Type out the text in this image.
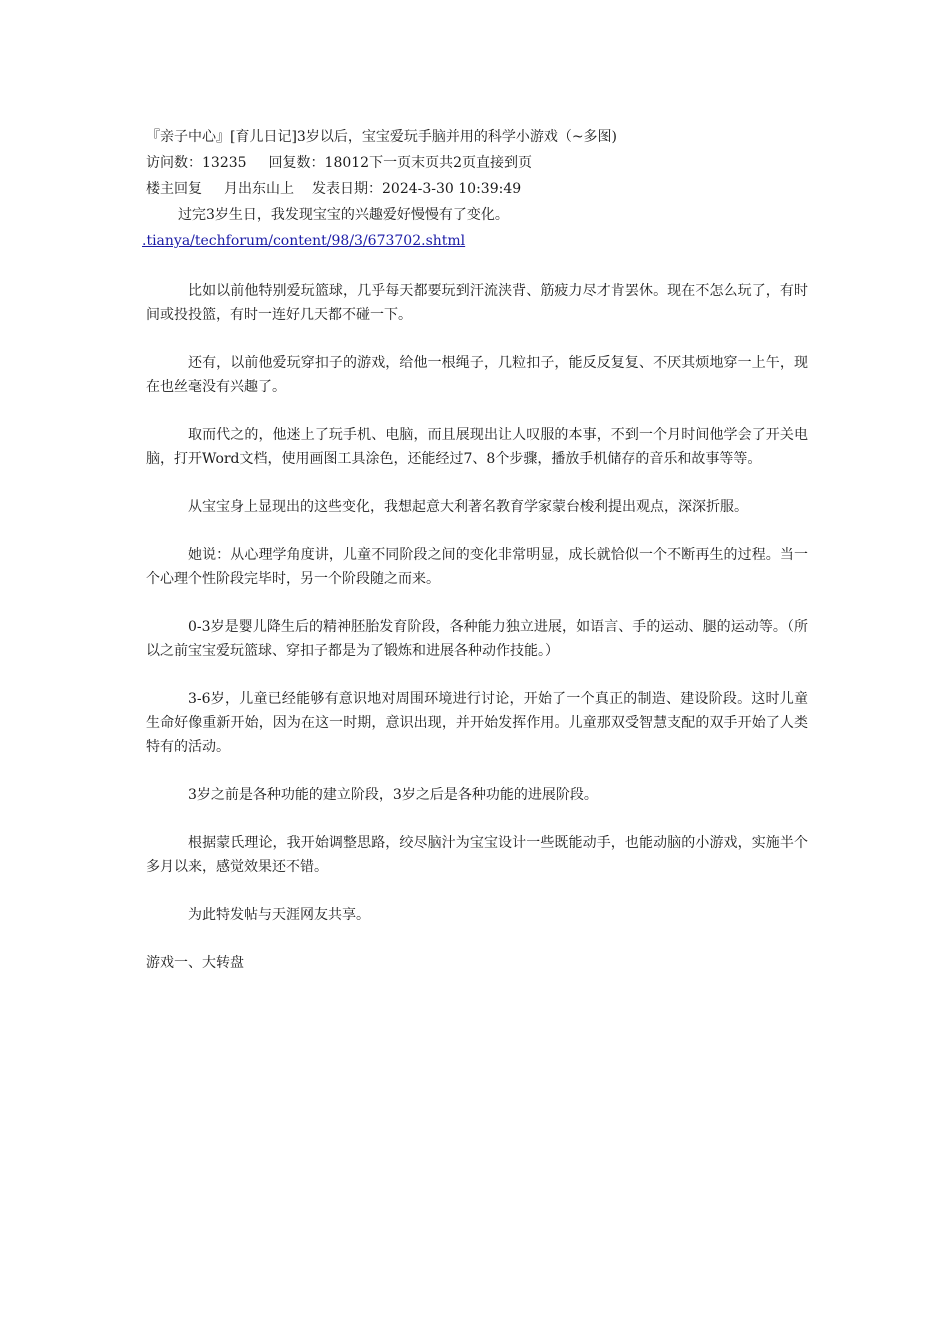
『亲子中心』[育儿日记]3岁以后，宝宝爱玩手脑并用的科学小游戏（~多图)
访问数：13235 回复数：18012下一页末页共2页直接到页
楼主回复 月出东山上 发表日期：2024-3-30 10:39:49
过完3岁生日，我发现宝宝的兴趣爱好慢慢有了变化。
.tianya/techforum/content/98/3/673702.shtml

比如以前他特别爱玩篮球，几乎每天都要玩到汗流浃背、筋疲力尽才肯罢休。现在不怎么玩了，有时间或投投篮，有时一连好几天都不碰一下。

还有，以前他爱玩穿扣子的游戏，给他一根绳子，几粒扣子，能反反复复、不厌其烦地穿一上午，现在也丝毫没有兴趣了。

取而代之的，他迷上了玩手机、电脑，而且展现出让人叹服的本事，不到一个月时间他学会了开关电脑，打开Word文档，使用画图工具涂色，还能经过7、8个步骤，播放手机储存的音乐和故事等等。

从宝宝身上显现出的这些变化，我想起意大利著名教育学家蒙台梭利提出观点，深深折服。

她说：从心理学角度讲，儿童不同阶段之间的变化非常明显，成长就恰似一个不断再生的过程。当一个心理个性阶段完毕时，另一个阶段随之而来。

0-3岁是婴儿降生后的精神胚胎发育阶段，各种能力独立进展，如语言、手的运动、腿的运动等。（所以之前宝宝爱玩篮球、穿扣子都是为了锻炼和进展各种动作技能。）

3-6岁，儿童已经能够有意识地对周围环境进行讨论，开始了一个真正的制造、建设阶段。这时儿童生命好像重新开始，因为在这一时期，意识出现，并开始发挥作用。儿童那双受智慧支配的双手开始了人类特有的活动。

3岁之前是各种功能的建立阶段，3岁之后是各种功能的进展阶段。

根据蒙氏理论，我开始调整思路，绞尽脑汁为宝宝设计一些既能动手，也能动脑的小游戏，实施半个多月以来，感觉效果还不错。

为此特发帖与天涯网友共享。

游戏一、大转盘
